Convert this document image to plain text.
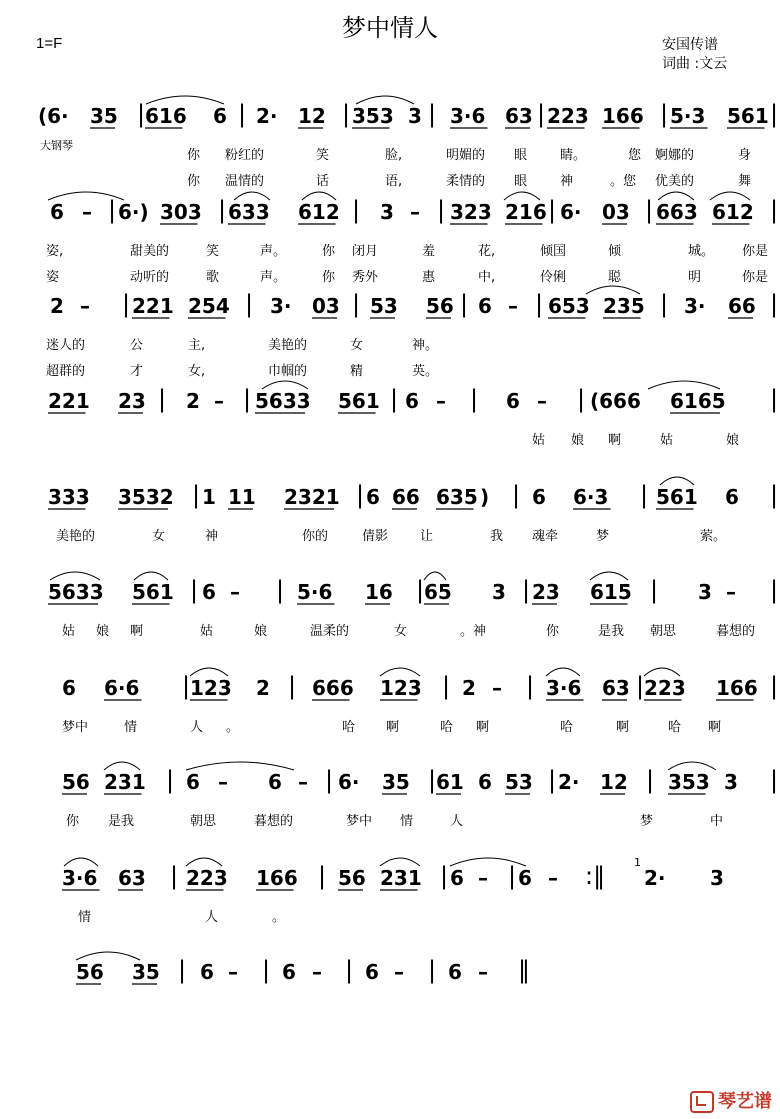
梦中情人
1=F	安国传谱
词曲 :文云
大钢琴
(6· 35 | 616 6 | 2· 12 | 353 3 | 3·6 63 | 223 166 | 5·3 561 |
6 – | 6·) 303 | 633 612 | 3 – | 323 216 | 6· 03 | 663 612 |
2 – | 221 254 | 3· 03 | 53 56 | 6 – | 653 235 | 3· 66 |
221 23 | 2 – | 5633 561 | 6 – | 6 – | (666 6165 |
333 3532 | 1 11 2321 | 6 66 635 ) | 6 6·3 | 561 6 |
5633 561 | 6 – | 5·6 16 | 65 3 | 23 615 | 3 – |
6 6·6 | 123 2 | 666 123 | 2 – | 3·6 63 | 223 166 |
56 231 | 6 – 6 – | 6· 35 | 61 6 53 | 2· 12 | 353 3 |
3·6 63 | 223 166 | 56 231 | 6 – | 6 – :‖	1
2· 3
56 35 | 6 – | 6 – | 6 – | 6 – ‖
你 粉红的	笑	脸,	明媚的 眼	睛。	您 婀娜的	身
你 温情的	话	语,	柔情的 眼	神	。您 优美的	舞
姿,	甜美的	笑	声。	你 闭月	羞	花,	倾国	倾	城。 你是
姿	动听的	歌	声。	你 秀外	惠	中,	伶俐	聪	明	你是
迷人的	公	主,	美艳的	女	神。
超群的	才	女,	巾帼的	精	英。
姑 娘 啊	姑	娘
美艳的	女	神	你的	倩影 让	我 魂牵	梦	萦。
姑 娘 啊	姑	娘	温柔的	女	。神	你	是我 朝思	暮想的
梦中	情	人 。	哈 啊	哈 啊	哈	啊	哈 啊
你 是我	朝思	暮想的	梦中 情	人	梦	中
情	人	。
琴艺谱
